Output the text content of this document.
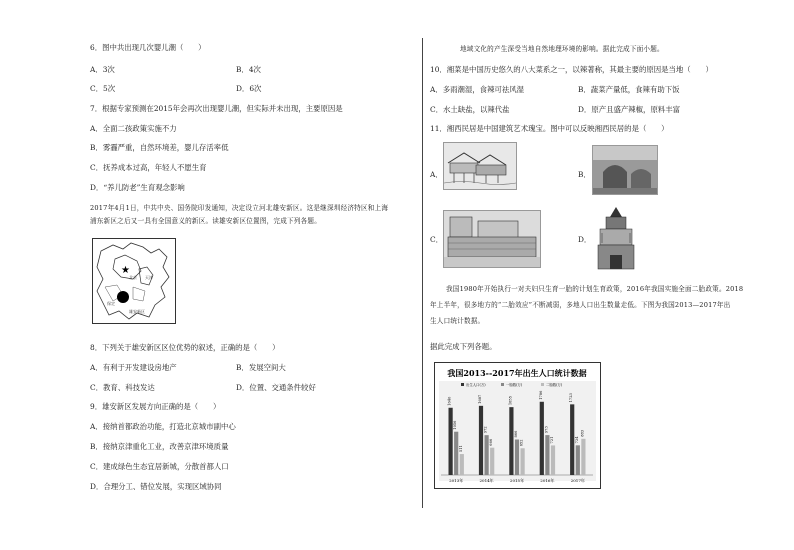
6．图中共出现几次婴儿潮（　　）
A．3次	B．4次
C．5次	D．6次
7．根据专家预测在2015年会再次出现婴儿潮，但实际并未出现，主要原因是
A．全面二孩政策实施不力
B．雾霾严重，自然环境差，婴儿存活率低
C．抚养成本过高，年轻人不愿生育
D．“养儿防老”生育观念影响
2017年4月1日，中共中央、国务院印发通知，决定设立河北雄安新区。这是继深圳经济特区和上海
浦东新区之后又一具有全国意义的新区。读雄安新区位置图，完成下列各题。
★
北京 天津
保定
雄安新区
8．下列关于雄安新区区位优势的叙述，正确的是（　　）
A．有利于开发建设房地产	B．发展空间大
C．教育、科技发达	D．位置、交通条件较好
9．雄安新区发展方向正确的是（　　）
A．接纳首都政治功能，打造北京城市副中心
B．接纳京津重化工业，改善京津环境质量
C．建成绿色生态宜居新城，分散首都人口
D．合理分工、错位发展，实现区域协同
地域文化的产生深受当地自然地理环境的影响。据此完成下面小题。
10．湘菜是中国历史悠久的八大菜系之一，以辣著称，其最主要的原因是当地（　　）
A．多雨潮湿，食辣可祛风湿	B．蔬菜产量低，食辣有助下饭
C．水土缺盐，以辣代盐	D．原产且盛产辣椒，原料丰富
11．湘西民居是中国建筑艺术瑰宝。图中可以反映湘西民居的是（　　）
A．	B．
C．	D．
我国1980年开始执行一对夫妇只生育一胎的计划生育政策，2016年我国实施全面二胎政策。2018
年上半年，很多地方的“二胎效应”不断减弱，多地人口出生数量走低。下图为我国2013—2017年出
生人口统计数据。
据此完成下列各题。
我国2013--2017年出生人口统计数据
出生人口(万)	一胎数(万)	二胎数(万)
1640
1056
511
2013年
1687
972
666
2014年
1655
866
652
2015年
1786
973
721
2016年
1723
724
883
2017年
